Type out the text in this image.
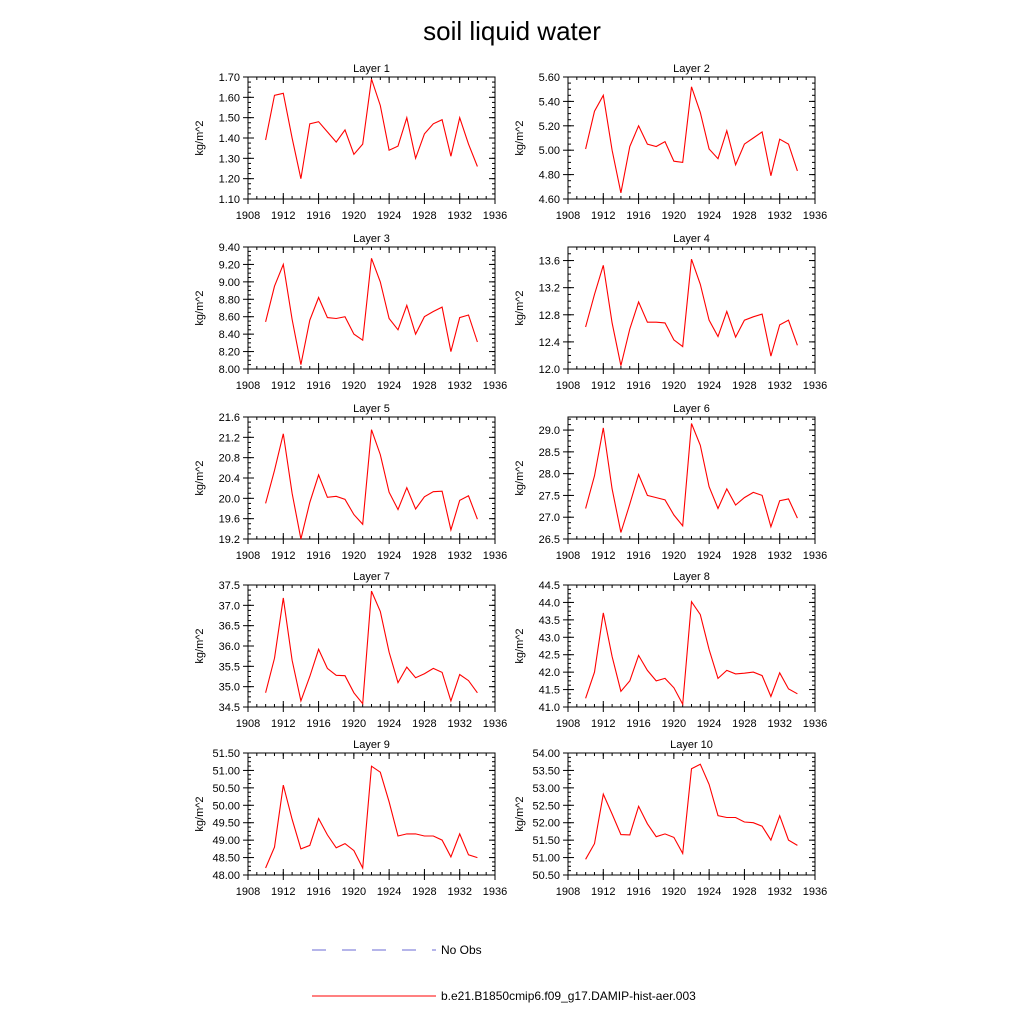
soil liquid water
Layer 1
kg/m^2
1.10
1.20
1.30
1.40
1.50
1.60
1.70
1908 1912 1916 1920 1924 1928 1932 1936
Layer 2
kg/m^2
4.60
4.80
5.00
5.20
5.40
5.60
1908 1912 1916 1920 1924 1928 1932 1936
Layer 3
kg/m^2
8.00
8.20
8.40
8.60
8.80
9.00
9.20
9.40
1908 1912 1916 1920 1924 1928 1932 1936
Layer 4
kg/m^2
12.0
12.4
12.8
13.2
13.6
1908 1912 1916 1920 1924 1928 1932 1936
Layer 5
kg/m^2
19.2
19.6
20.0
20.4
20.8
21.2
21.6
1908 1912 1916 1920 1924 1928 1932 1936
Layer 6
kg/m^2
26.5
27.0
27.5
28.0
28.5
29.0
1908 1912 1916 1920 1924 1928 1932 1936
Layer 7
kg/m^2
34.5
35.0
35.5
36.0
36.5
37.0
37.5
1908 1912 1916 1920 1924 1928 1932 1936
Layer 8
kg/m^2
41.0
41.5
42.0
42.5
43.0
43.5
44.0
44.5
1908 1912 1916 1920 1924 1928 1932 1936
Layer 9
kg/m^2
48.00
48.50
49.00
49.50
50.00
50.50
51.00
51.50
1908 1912 1916 1920 1924 1928 1932 1936
Layer 10
kg/m^2
50.50
51.00
51.50
52.00
52.50
53.00
53.50
54.00
1908 1912 1916 1920 1924 1928 1932 1936
No Obs
b.e21.B1850cmip6.f09_g17.DAMIP-hist-aer.003
